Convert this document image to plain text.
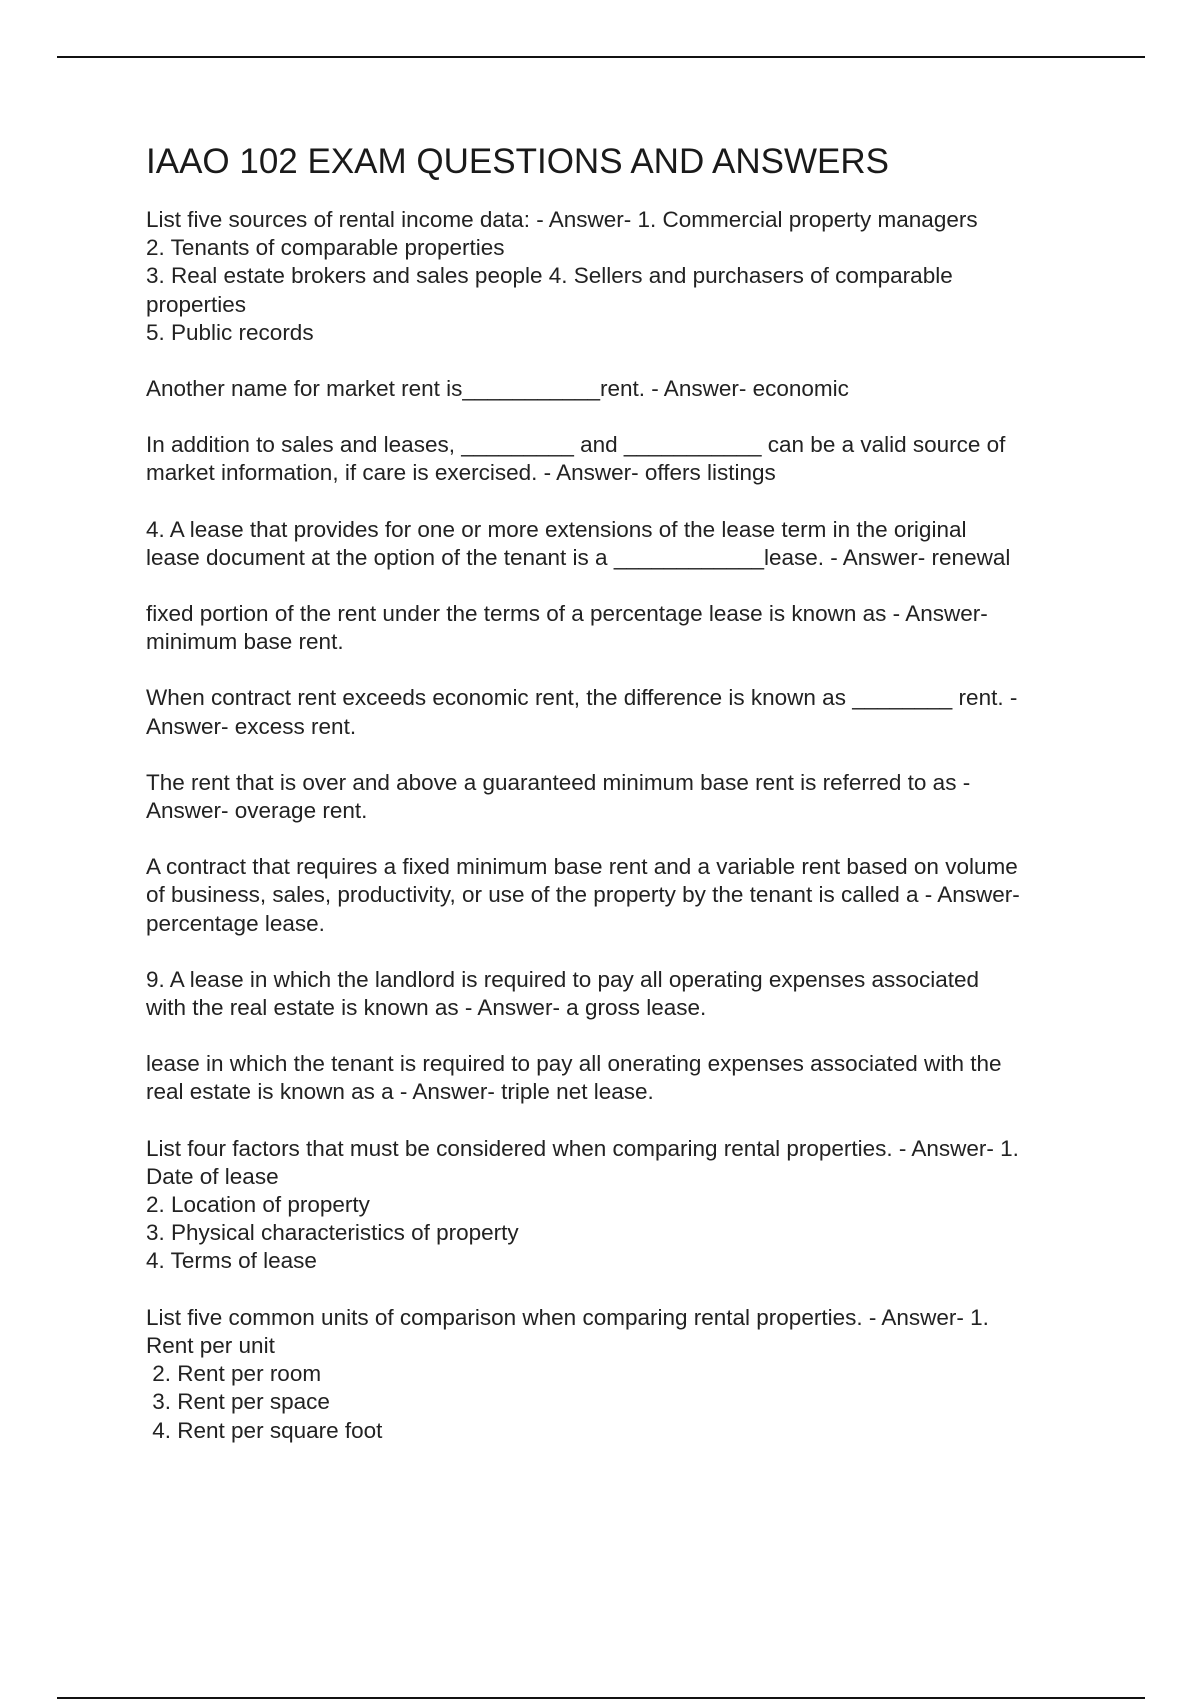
IAAO 102 EXAM QUESTIONS AND ANSWERS
List five sources of rental income data: - Answer- 1. Commercial property managers
2. Tenants of comparable properties
3. Real estate brokers and sales people 4. Sellers and purchasers of comparable
properties
5. Public records
Another name for market rent is___________rent. - Answer- economic
In addition to sales and leases, _________ and ___________ can be a valid source of
market information, if care is exercised. - Answer- offers listings
4. A lease that provides for one or more extensions of the lease term in the original
lease document at the option of the tenant is a ____________lease. - Answer- renewal
fixed portion of the rent under the terms of a percentage lease is known as - Answer-
minimum base rent.
When contract rent exceeds economic rent, the difference is known as ________ rent. -
Answer- excess rent.
The rent that is over and above a guaranteed minimum base rent is referred to as -
Answer- overage rent.
A contract that requires a fixed minimum base rent and a variable rent based on volume
of business, sales, productivity, or use of the property by the tenant is called a - Answer-
percentage lease.
9. A lease in which the landlord is required to pay all operating expenses associated
with the real estate is known as - Answer- a gross lease.
lease in which the tenant is required to pay all onerating expenses associated with the
real estate is known as a - Answer- triple net lease.
List four factors that must be considered when comparing rental properties. - Answer- 1.
Date of lease
2. Location of property
3. Physical characteristics of property
4. Terms of lease
List five common units of comparison when comparing rental properties. - Answer- 1.
Rent per unit
2. Rent per room
3. Rent per space
4. Rent per square foot
